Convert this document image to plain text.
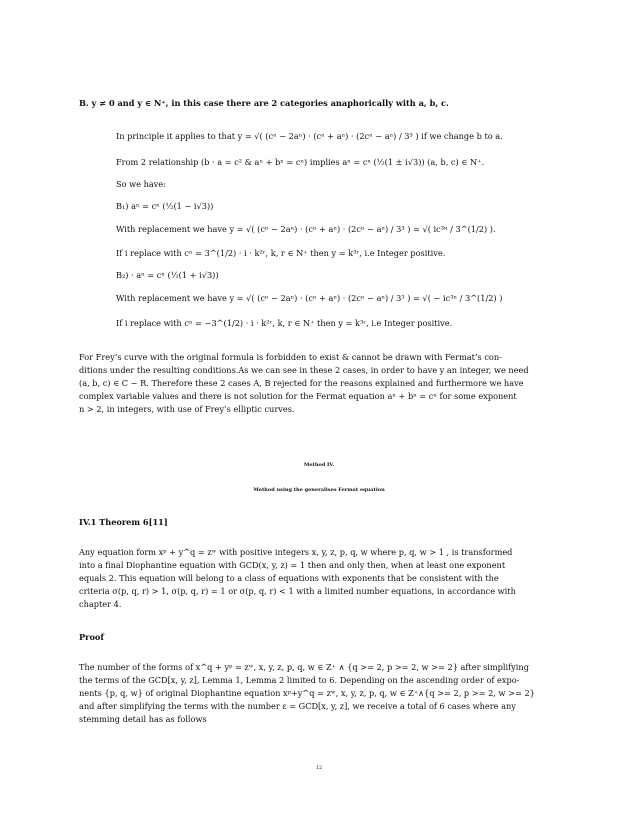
B. y ≠ 0 and y ∈ N⁺, in this case there are 2 categories anaphorically with a, b, c.
In principle it applies to that y = √( (cⁿ − 2aⁿ) · (cⁿ + aⁿ) · (2cⁿ − aⁿ) / 3³ ) if we change b to a.
From 2 relationship (b · a = c² & aⁿ + bⁿ = cⁿ) implies aⁿ = cⁿ (½(1 ± i√3)) (a, b, c) ∈ N⁺.
So we have:
B₁) aⁿ = cⁿ (½(1 − i√3))
With replacement we have y = √( (cⁿ − 2aⁿ) · (cⁿ + aⁿ) · (2cⁿ − aⁿ) / 3³ ) = √( ic³ⁿ / 3^(1/2) ).
If i replace with cⁿ = 3^(1/2) · i · k²ʳ, k, r ∈ N⁺ then y = k³ʳ, i.e Integer positive.
B₂) · aⁿ = cⁿ (½(1 + i√3))
With replacement we have y = √( (cⁿ − 2aⁿ) · (cⁿ + aⁿ) · (2cⁿ − aⁿ) / 3³ ) = √( − ic³ⁿ / 3^(1/2) )
If i replace with cⁿ = −3^(1/2) · i · k²ʳ, k, r ∈ N⁺ then y = k³ʳ, i.e Integer positive.
For Frey’s curve with the original formula is forbidden to exist & cannot be drawn with Fermat’s con-
ditions under the resulting conditions.As we can see in these 2 cases, in order to have y an integer, we need
(a, b, c) ∈ C − R. Therefore these 2 cases A, B rejected for the reasons explained and furthermore we have
complex variable values and there is not solution for the Fermat equation aⁿ + bⁿ = cⁿ for some exponent
n > 2, in integers, with use of Frey’s elliptic curves.
Method IV.
Method using the generalises Fermat equation
IV.1 Theorem 6[11]
Any equation form xᵖ + y^q = zʷ with positive integers x, y, z, p, q, w where p, q, w > 1 , is transformed
into a final Diophantine equation with GCD(x, y, z) = 1 then and only then, when at least one exponent
equals 2. This equation will belong to a class of equations with exponents that be consistent with the
criteria σ(p, q, r) > 1, σ(p, q, r) = 1 or σ(p, q, r) < 1 with a limited number equations, in accordance with
chapter 4.
Proof
The number of the forms of x^q + yᵖ = zʷ, x, y, z, p, q, w ∈ Z⁺ ∧ {q >= 2, p >= 2, w >= 2} after simplifying
the terms of the GCD[x, y, z], Lemma 1, Lemma 2 limited to 6. Depending on the ascending order of expo-
nents {p, q, w} of original Diophantine equation xᵖ+y^q = zʷ, x, y, z, p, q, w ∈ Z⁺∧{q >= 2, p >= 2, w >= 2}
and after simplifying the terms with the number ε = GCD[x, y, z], we receive a total of 6 cases where any
stemming detail has as follows
12
